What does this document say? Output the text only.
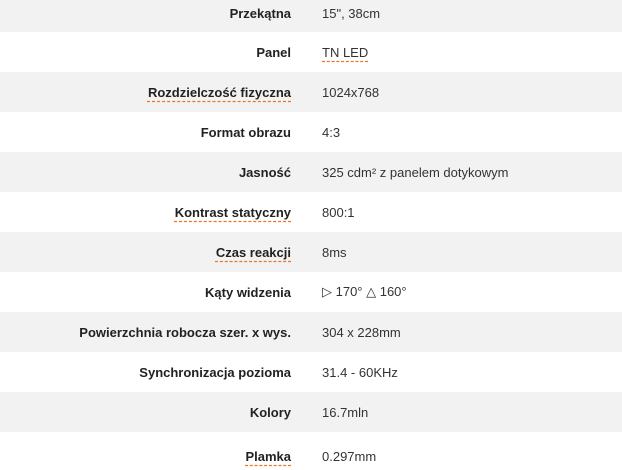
Przekątna	15", 38cm
Panel	TN LED
Rozdzielczość fizyczna	1024x768
Format obrazu	4:3
Jasność	325 cdm² z panelem dotykowym
Kontrast statyczny	800:1
Czas reakcji	8ms
Kąty widzenia	▷ 170° △ 160°
Powierzchnia robocza szer. x wys.	304 x 228mm
Synchronizacja pozioma	31.4 - 60KHz
Kolory	16.7mln
Plamka	0.297mm
